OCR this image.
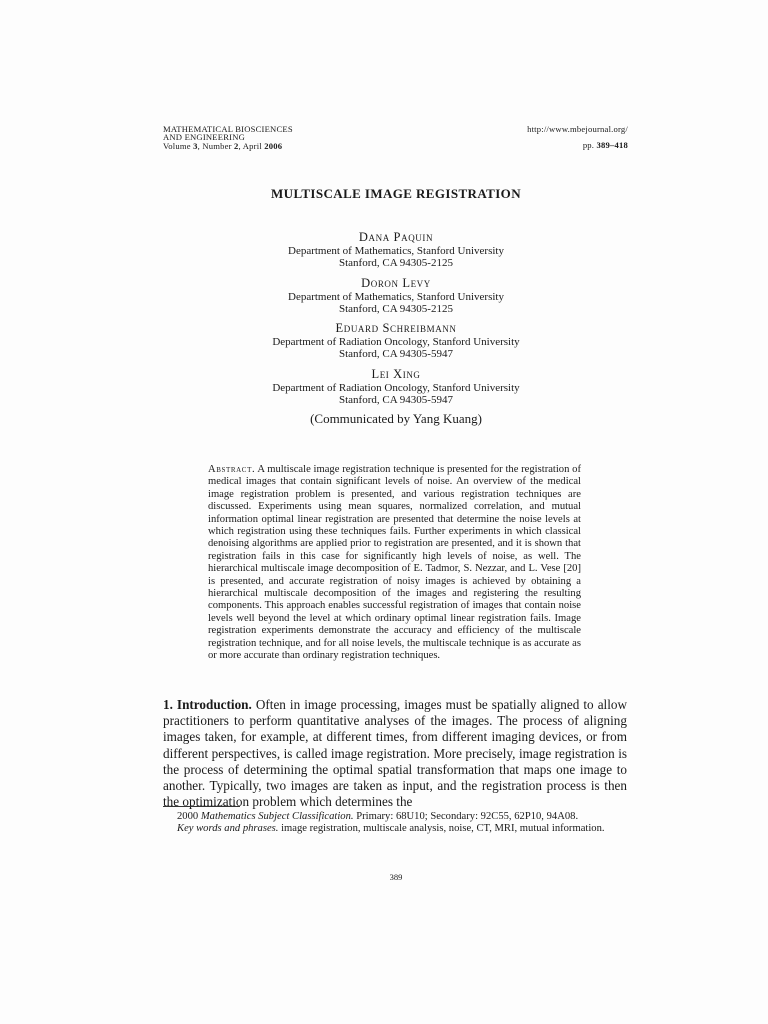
MATHEMATICAL BIOSCIENCES
AND ENGINEERING
Volume 3, Number 2, April 2006
http://www.mbejournal.org/
pp. 389–418
MULTISCALE IMAGE REGISTRATION
Dana Paquin
Department of Mathematics, Stanford University
Stanford, CA 94305-2125
Doron Levy
Department of Mathematics, Stanford University
Stanford, CA 94305-2125
Eduard Schreibmann
Department of Radiation Oncology, Stanford University
Stanford, CA 94305-5947
Lei Xing
Department of Radiation Oncology, Stanford University
Stanford, CA 94305-5947
(Communicated by Yang Kuang)
Abstract. A multiscale image registration technique is presented for the registration of medical images that contain significant levels of noise. An overview of the medical image registration problem is presented, and various registration techniques are discussed. Experiments using mean squares, normalized correlation, and mutual information optimal linear registration are presented that determine the noise levels at which registration using these techniques fails. Further experiments in which classical denoising algorithms are applied prior to registration are presented, and it is shown that registration fails in this case for significantly high levels of noise, as well. The hierarchical multiscale image decomposition of E. Tadmor, S. Nezzar, and L. Vese [20] is presented, and accurate registration of noisy images is achieved by obtaining a hierarchical multiscale decomposition of the images and registering the resulting components. This approach enables successful registration of images that contain noise levels well beyond the level at which ordinary optimal linear registration fails. Image registration experiments demonstrate the accuracy and efficiency of the multiscale registration technique, and for all noise levels, the multiscale technique is as accurate as or more accurate than ordinary registration techniques.
1. Introduction. Often in image processing, images must be spatially aligned to allow practitioners to perform quantitative analyses of the images. The process of aligning images taken, for example, at different times, from different imaging devices, or from different perspectives, is called image registration. More precisely, image registration is the process of determining the optimal spatial transformation that maps one image to another. Typically, two images are taken as input, and the registration process is then the optimization problem which determines the
2000 Mathematics Subject Classification. Primary: 68U10; Secondary: 92C55, 62P10, 94A08.
Key words and phrases. image registration, multiscale analysis, noise, CT, MRI, mutual information.
389
